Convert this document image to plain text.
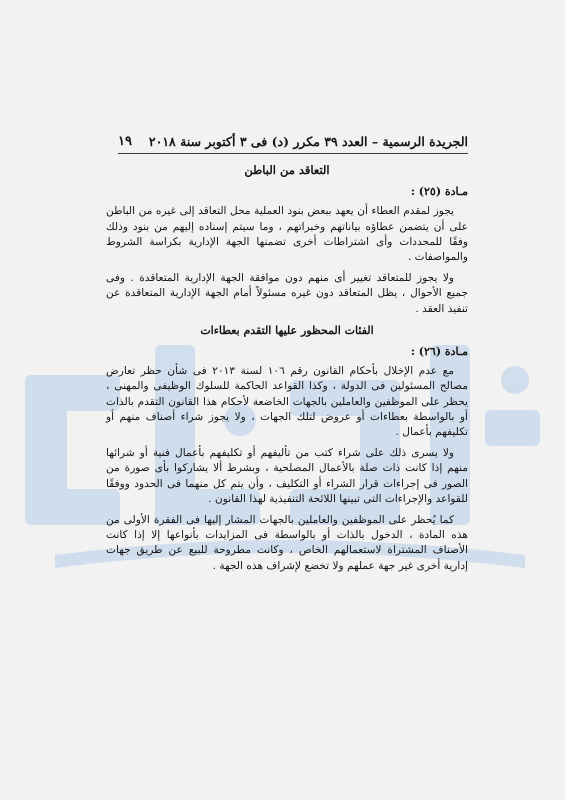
الجريدة الرسمية – العدد ٣٩ مكرر (د) فى ٣ أكتوبر سنة ٢٠١٨
١٩
التعاقد من الباطن
مـادة (٢٥) :

يجوز لمقدم العطاء أن يعهد ببعض بنود العملية محل التعاقد إلى غيره من الباطن على أن يتضمن عطاؤه بياناتهم وخبراتهم ، وما سيتم إسناده إليهم من بنود وذلك وفقًا للمحددات وأى اشتراطات أخرى تضمنها الجهة الإدارية بكراسة الشروط والمواصفات .

ولا يجوز للمتعاقد تغيير أى منهم دون موافقة الجهة الإدارية المتعاقدة . وفى جميع الأحوال ، يظل المتعاقد دون غيره مسئولاً أمام الجهة الإدارية المتعاقدة عن تنفيذ العقد .

الفئات المحظور عليها التقدم بعطاءات
مـادة (٢٦) :

مع عدم الإخلال بأحكام القانون رقم ١٠٦ لسنة ٢٠١٣ فى شأن حظر تعارض مصالح المسئولين فى الدولة ، وكذا القواعد الحاكمة للسلوك الوظيفى والمهنى ، يحظر على الموظفين والعاملين بالجهات الخاضعة لأحكام هذا القانون التقدم بالذات أو بالواسطة بعطاءات أو عروض لتلك الجهات ، ولا يجوز شراء أصناف منهم أو تكليفهم بأعمال .

ولا يسرى ذلك على شراء كتب من تأليفهم أو تكليفهم بأعمال فنية أو شرائها منهم إذا كانت ذات صلة بالأعمال المصلحية ، وبشرط ألا يشاركوا بأى صورة من الصور فى إجراءات قرار الشراء أو التكليف ، وأن يتم كل منهما فى الحدود ووفقًا للقواعد والإجراءات التى تبينها اللائحة التنفيذية لهذا القانون .

كما يُحظر على الموظفين والعاملين بالجهات المشار إليها فى الفقرة الأولى من هذه المادة ، الدخول بالذات أو بالواسطة فى المزايدات بأنواعها إلا إذا كانت الأصناف المشتراة لاستعمالهم الخاص ، وكانت مطروحة للبيع عن طريق جهات إدارية أخرى غير جهة عملهم ولا تخضع لإشراف هذه الجهة .
